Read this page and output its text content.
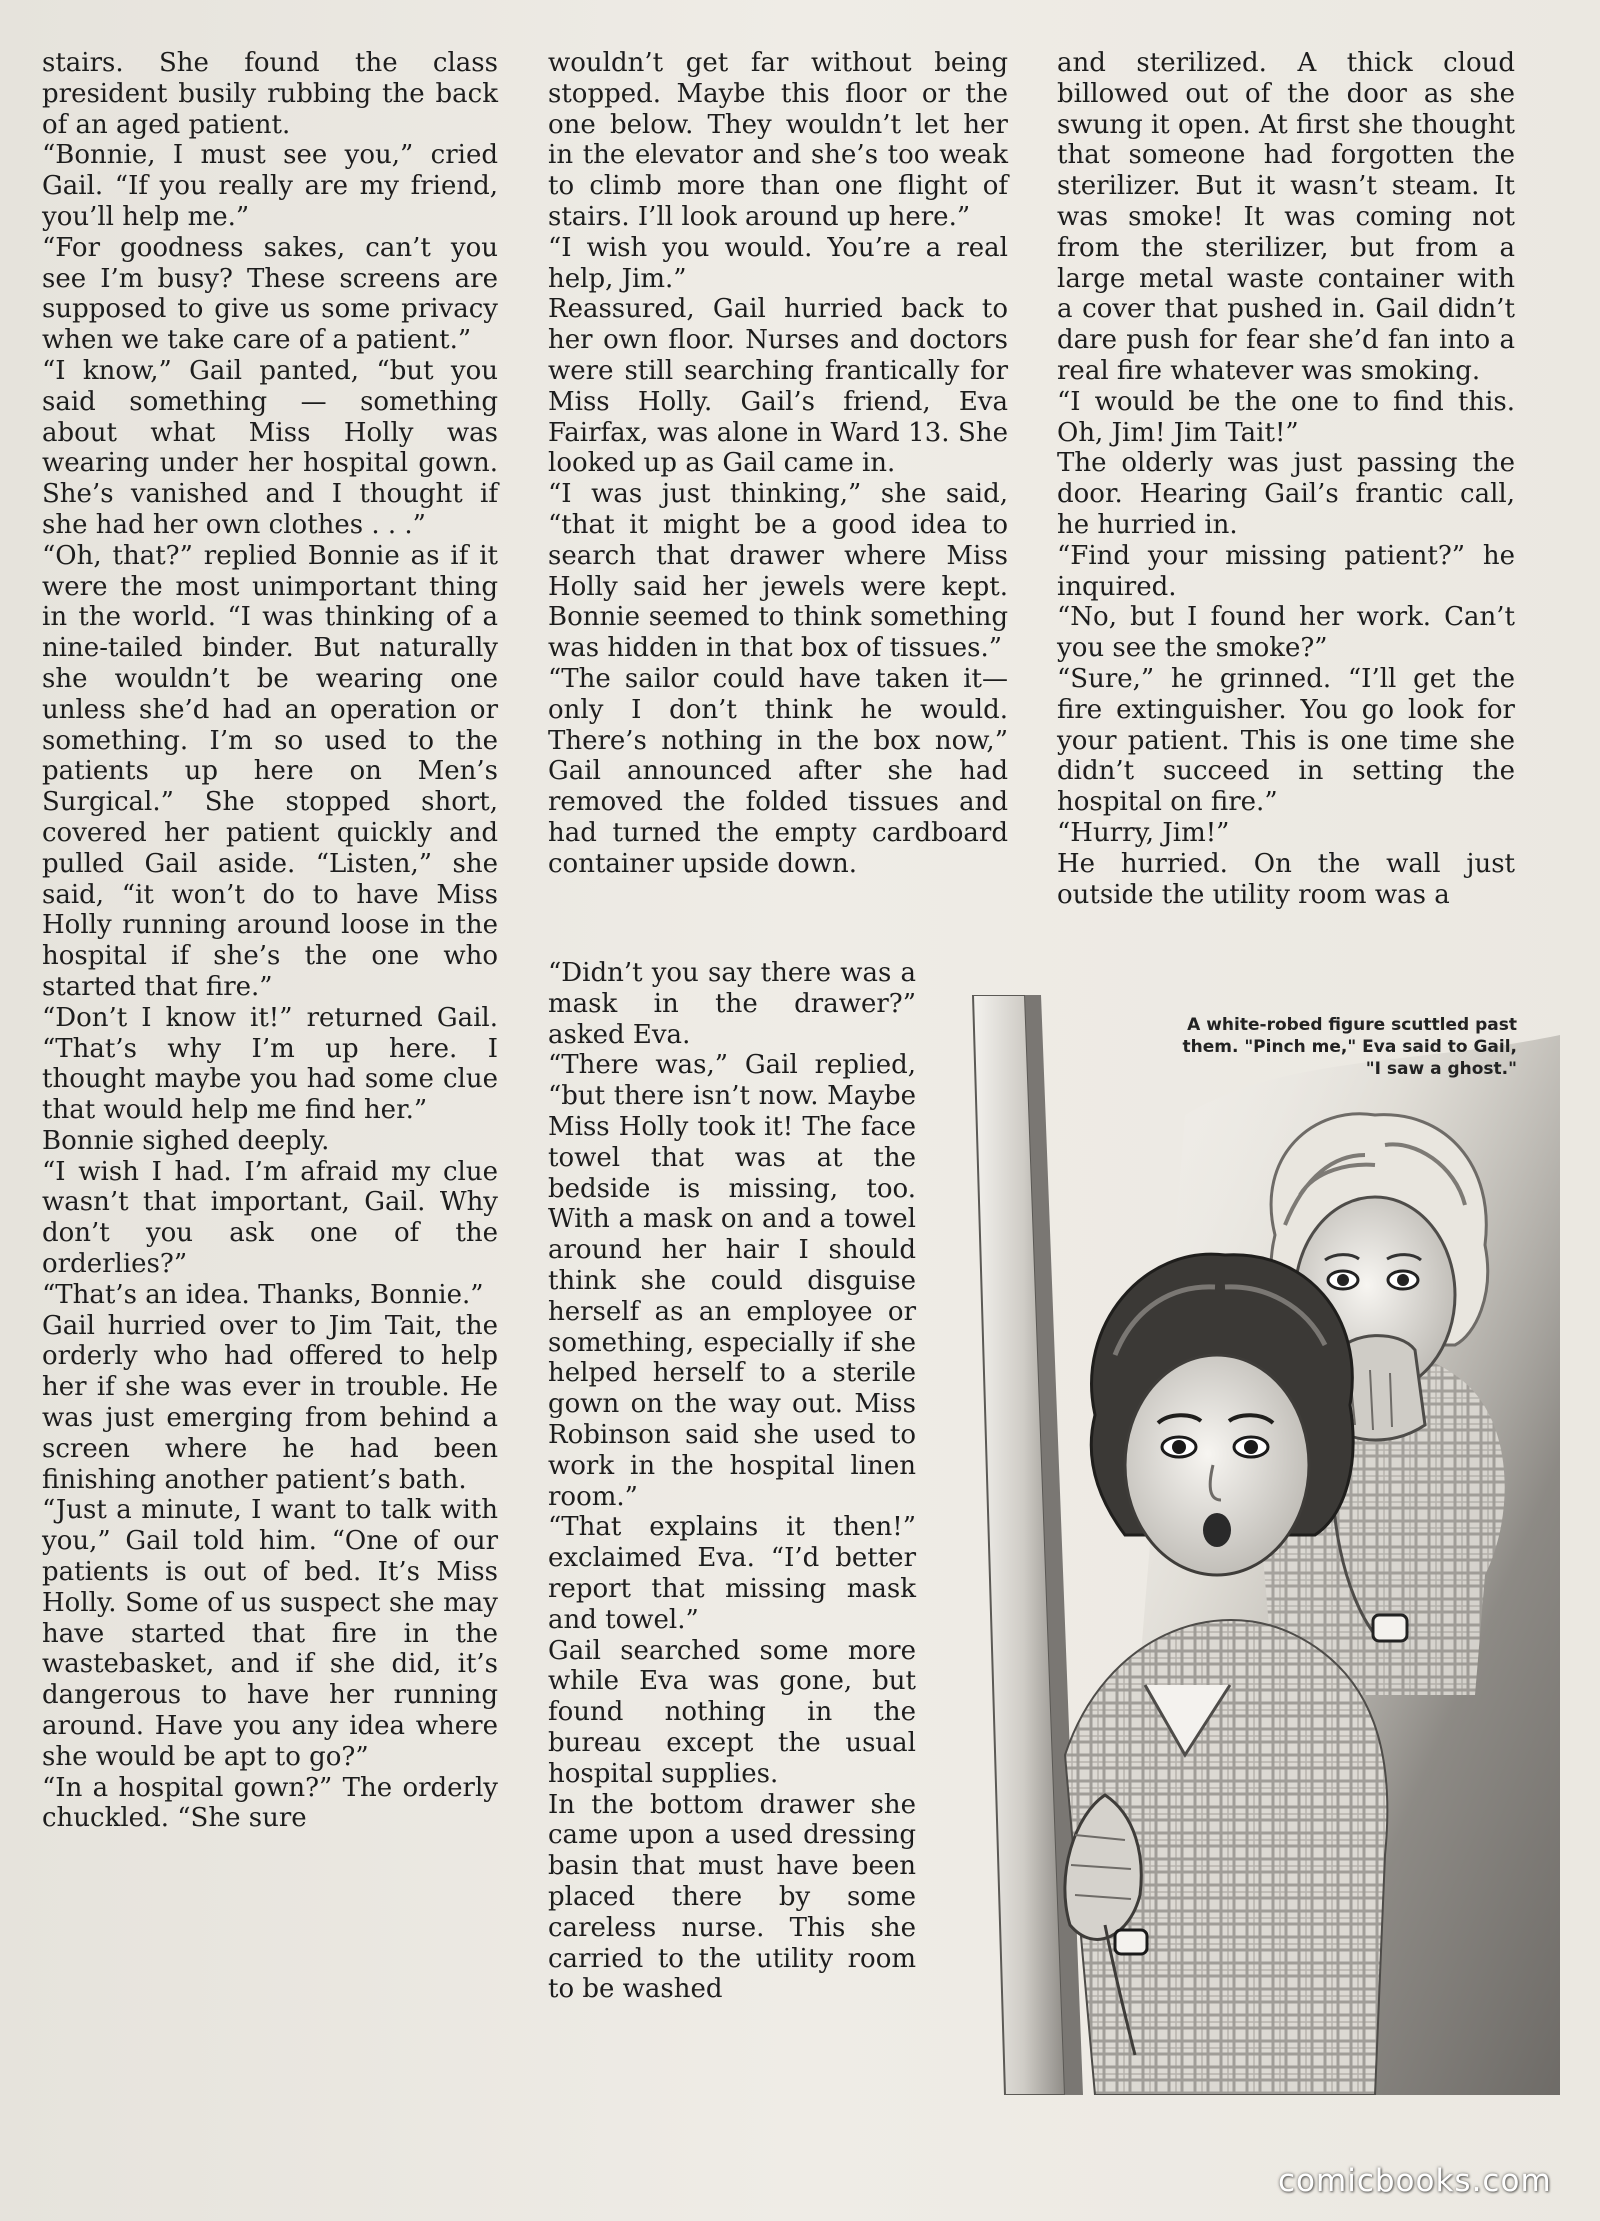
stairs. She found the class president busily rubbing the back of an aged patient.

“Bonnie, I must see you,” cried Gail. “If you really are my friend, you’ll help me.”

“For goodness sakes, can’t you see I’m busy? These screens are supposed to give us some privacy when we take care of a patient.”

“I know,” Gail panted, “but you said something — something about what Miss Holly was wearing under her hospital gown. She’s vanished and I thought if she had her own clothes . . .”

“Oh, that?” replied Bonnie as if it were the most unimportant thing in the world. “I was thinking of a nine-tailed binder. But naturally she wouldn’t be wearing one unless she’d had an operation or something. I’m so used to the patients up here on Men’s Surgical.” She stopped short, covered her patient quickly and pulled Gail aside. “Listen,” she said, “it won’t do to have Miss Holly running around loose in the hospital if she’s the one who started that fire.”

“Don’t I know it!” returned Gail. “That’s why I’m up here. I thought maybe you had some clue that would help me find her.”

Bonnie sighed deeply.

“I wish I had. I’m afraid my clue wasn’t that important, Gail. Why don’t you ask one of the orderlies?”

“That’s an idea. Thanks, Bonnie.”

Gail hurried over to Jim Tait, the orderly who had offered to help her if she was ever in trouble. He was just emerging from behind a screen where he had been finishing another patient’s bath.

“Just a minute, I want to talk with you,” Gail told him. “One of our patients is out of bed. It’s Miss Holly. Some of us suspect she may have started that fire in the wastebasket, and if she did, it’s dangerous to have her running around. Have you any idea where she would be apt to go?”

“In a hospital gown?” The orderly chuckled. “She sure

wouldn’t get far without being stopped. Maybe this floor or the one below. They wouldn’t let her in the elevator and she’s too weak to climb more than one flight of stairs. I’ll look around up here.”

“I wish you would. You’re a real help, Jim.”

Reassured, Gail hurried back to her own floor. Nurses and doctors were still searching frantically for Miss Holly. Gail’s friend, Eva Fairfax, was alone in Ward 13. She looked up as Gail came in.

“I was just thinking,” she said, “that it might be a good idea to search that drawer where Miss Holly said her jewels were kept. Bonnie seemed to think something was hidden in that box of tissues.”

“The sailor could have taken it—only I don’t think he would. There’s nothing in the box now,” Gail announced after she had removed the folded tissues and had turned the empty cardboard container upside down.

“Didn’t you say there was a mask in the drawer?” asked Eva.

“There was,” Gail replied, “but there isn’t now. Maybe Miss Holly took it! The face towel that was at the bedside is missing, too. With a mask on and a towel around her hair I should think she could disguise herself as an employee or something, especially if she helped herself to a sterile gown on the way out. Miss Robinson said she used to work in the hospital linen room.”

“That explains it then!” exclaimed Eva. “I’d better report that missing mask and towel.”

Gail searched some more while Eva was gone, but found nothing in the bureau except the usual hospital supplies.

In the bottom drawer she came upon a used dressing basin that must have been placed there by some careless nurse. This she carried to the utility room to be washed

and sterilized. A thick cloud billowed out of the door as she swung it open. At first she thought that someone had forgotten the sterilizer. But it wasn’t steam. It was smoke! It was coming not from the sterilizer, but from a large metal waste container with a cover that pushed in. Gail didn’t dare push for fear she’d fan into a real fire whatever was smoking.

“I would be the one to find this. Oh, Jim! Jim Tait!”

The olderly was just passing the door. Hearing Gail’s frantic call, he hurried in.

“Find your missing patient?” he inquired.

“No, but I found her work. Can’t you see the smoke?”

“Sure,” he grinned. “I’ll get the fire extinguisher. You go look for your patient. This is one time she didn’t succeed in setting the hospital on fire.”

“Hurry, Jim!”

He hurried. On the wall just outside the utility room was a

A white-robed figure scuttled past them. "Pinch me," Eva said to Gail, "I saw a ghost."
comicbooks.com
